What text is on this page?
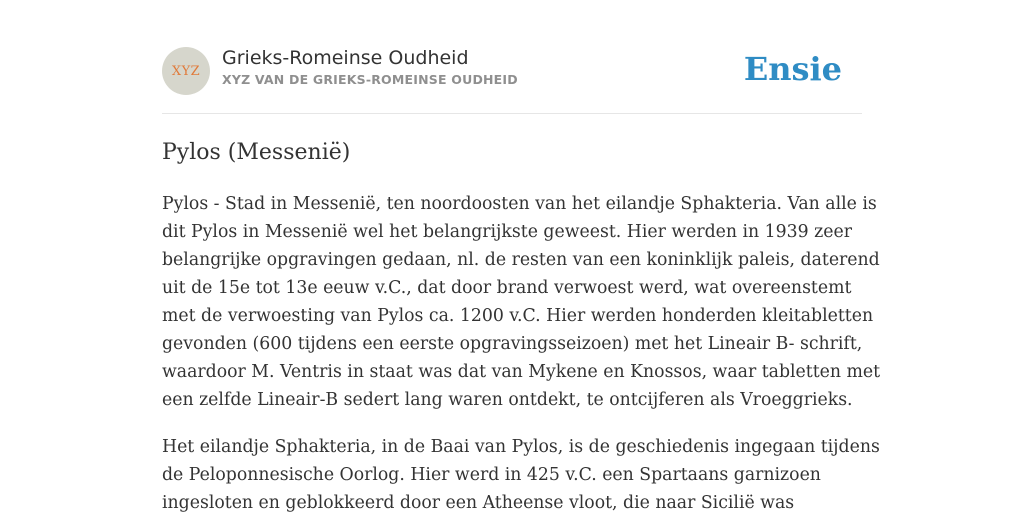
XYZ
Grieks-Romeinse Oudheid
XYZ VAN DE GRIEKS-ROMEINSE OUDHEID	Ensie
Pylos (Messenië)

Pylos - Stad in Messenië, ten noordoosten van het eilandje Sphakteria. Van alle is
dit Pylos in Messenië wel het belangrijkste geweest. Hier werden in 1939 zeer
belangrijke opgravingen gedaan, nl. de resten van een koninklijk paleis, daterend
uit de 15e tot 13e eeuw v.C., dat door brand verwoest werd, wat overeenstemt
met de verwoesting van Pylos ca. 1200 v.C. Hier werden honderden kleitabletten
gevonden (600 tijdens een eerste opgravingsseizoen) met het Lineair B- schrift,
waardoor M. Ventris in staat was dat van Mykene en Knossos, waar tabletten met
een zelfde Lineair-B sedert lang waren ontdekt, te ontcijferen als Vroeggrieks.

Het eilandje Sphakteria, in de Baai van Pylos, is de geschiedenis ingegaan tijdens
de Peloponnesische Oorlog. Hier werd in 425 v.C. een Spartaans garnizoen
ingesloten en geblokkeerd door een Atheense vloot, die naar Sicilië was
